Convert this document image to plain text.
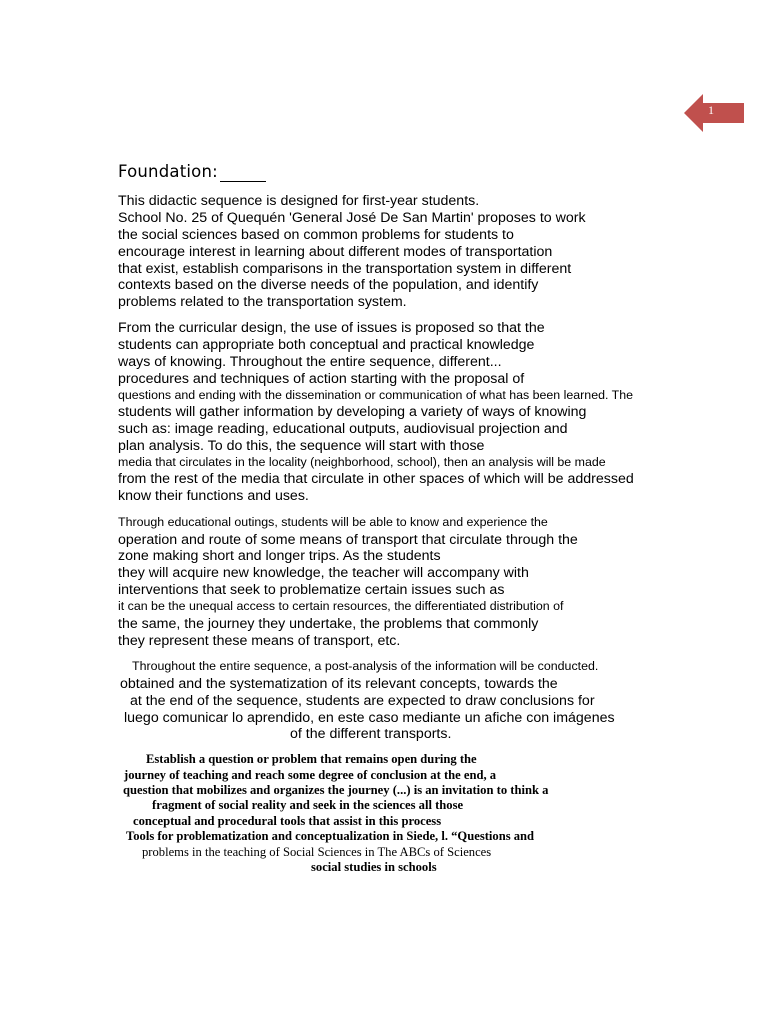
1
Foundation:
This didactic sequence is designed for first-year students.
School No. 25 of Quequén 'General José De San Martin' proposes to work
the social sciences based on common problems for students to
encourage interest in learning about different modes of transportation
that exist, establish comparisons in the transportation system in different
contexts based on the diverse needs of the population, and identify
problems related to the transportation system.
From the curricular design, the use of issues is proposed so that the
students can appropriate both conceptual and practical knowledge
ways of knowing. Throughout the entire sequence, different...
procedures and techniques of action starting with the proposal of
questions and ending with the dissemination or communication of what has been learned. The
students will gather information by developing a variety of ways of knowing
such as: image reading, educational outputs, audiovisual projection and
plan analysis. To do this, the sequence will start with those
media that circulates in the locality (neighborhood, school), then an analysis will be made
from the rest of the media that circulate in other spaces of which will be addressed
know their functions and uses.
Through educational outings, students will be able to know and experience the
operation and route of some means of transport that circulate through the
zone making short and longer trips. As the students
they will acquire new knowledge, the teacher will accompany with
interventions that seek to problematize certain issues such as
it can be the unequal access to certain resources, the differentiated distribution of
the same, the journey they undertake, the problems that commonly
they represent these means of transport, etc.
Throughout the entire sequence, a post-analysis of the information will be conducted.
obtained and the systematization of its relevant concepts, towards the
at the end of the sequence, students are expected to draw conclusions for
luego comunicar lo aprendido, en este caso mediante un afiche con imágenes
of the different transports.
Establish a question or problem that remains open during the
journey of teaching and reach some degree of conclusion at the end, a
question that mobilizes and organizes the journey (...) is an invitation to think a
fragment of social reality and seek in the sciences all those
conceptual and procedural tools that assist in this process
Tools for problematization and conceptualization in Siede, l. “Questions and
problems in the teaching of Social Sciences in The ABCs of Sciences
social studies in schools
